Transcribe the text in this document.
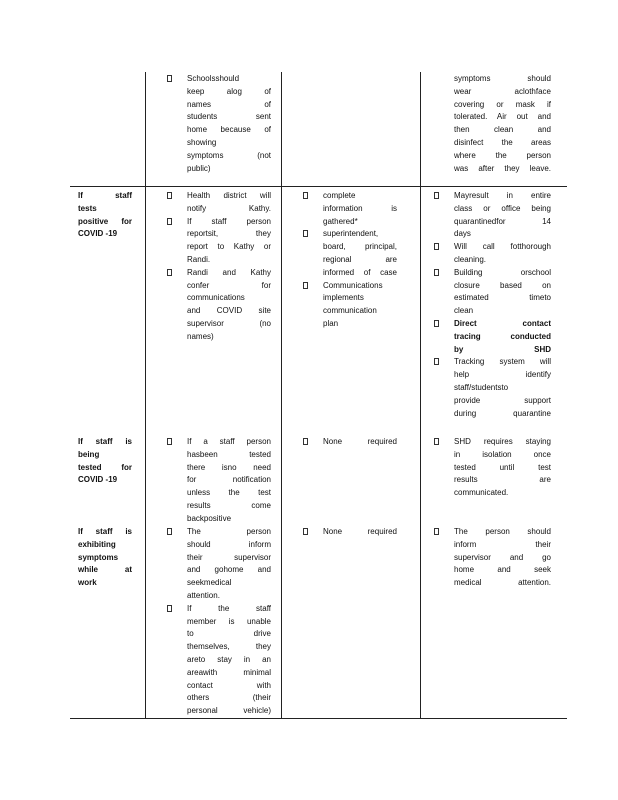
Schoolsshould
keep alog of
names of
students sent
home because of
showing
symptoms (not
public)
symptoms should
wear aclothface
covering or mask if
tolerated. Air out and
then clean and
disinfect the areas
where the person
was after they leave.
If staff
tests
positive for
COVID -19
Health district will
notify Kathy.
If staff person
reportsit, they
report to Kathy or
Randi.
Randi and Kathy
confer for
communications
and COVID site
supervisor (no
names)
complete
information is
gathered*
superintendent,
board, principal,
regional are
informed of case
Communications
implements
communication
plan
Mayresult in entire
class or office being
quarantinedfor 14
days
Will call fotthorough
cleaning.
Building orschool
closure based on
estimated timeto
clean
Direct contact
tracing conducted
by SHD
Tracking system will
help identify
staff/studentsto
provide support
during quarantine
If staff is
being
tested for
COVID -19
If a staff person
hasbeen tested
there isno need
for notification
unless the test
results come
backpositive
None required	SHD requires staying
in isolation once
tested until test
results are
communicated.
If staff is
exhibiting
symptoms
while at
work
The person
should inform
their supervisor
and gohome and
seekmedical
attention.
If the staff
member is unable
to drive
themselves, they
areto stay in an
areawith minimal
contact with
others (their
personal vehicle)
None required	The person should
inform their
supervisor and go
home and seek
medical attention.
